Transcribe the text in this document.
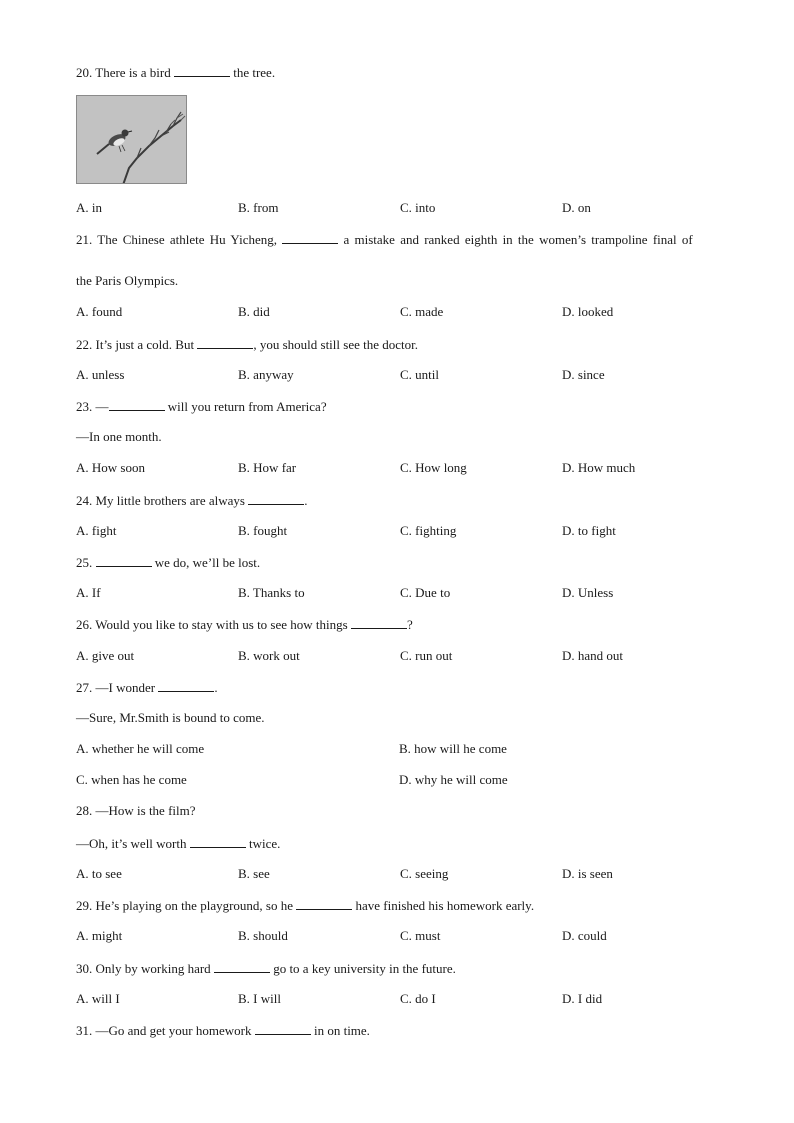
20. There is a bird	the tree.
A. in	B. from	C. into	D. on
21. The Chinese athlete Hu Yicheng,	a mistake and ranked eighth in the women’s trampoline final of
the Paris Olympics.
A. found	B. did	C. made	D. looked
22. It’s just a cold. But	, you should still see the doctor.
A. unless	B. anyway	C. until	D. since
23. —	will you return from America?
—In one month.
A. How soon	B. How far	C. How long	D. How much
24. My little brothers are always	.
A. fight	B. fought	C. fighting	D. to fight
25.	we do, we’ll be lost.
A. If	B. Thanks to	C. Due to	D. Unless
26. Would you like to stay with us to see how things	?
A. give out	B. work out	C. run out	D. hand out
27. —I wonder	.
—Sure, Mr.Smith is bound to come.
A. whether he will come	B. how will he come
C. when has he come	D. why he will come
28. —How is the film?
—Oh, it’s well worth	twice.
A. to see	B. see	C. seeing	D. is seen
29. He’s playing on the playground, so he	have finished his homework early.
A. might	B. should	C. must	D. could
30. Only by working hard	go to a key university in the future.
A. will I	B. I will	C. do I	D. I did
31. —Go and get your homework	in on time.
